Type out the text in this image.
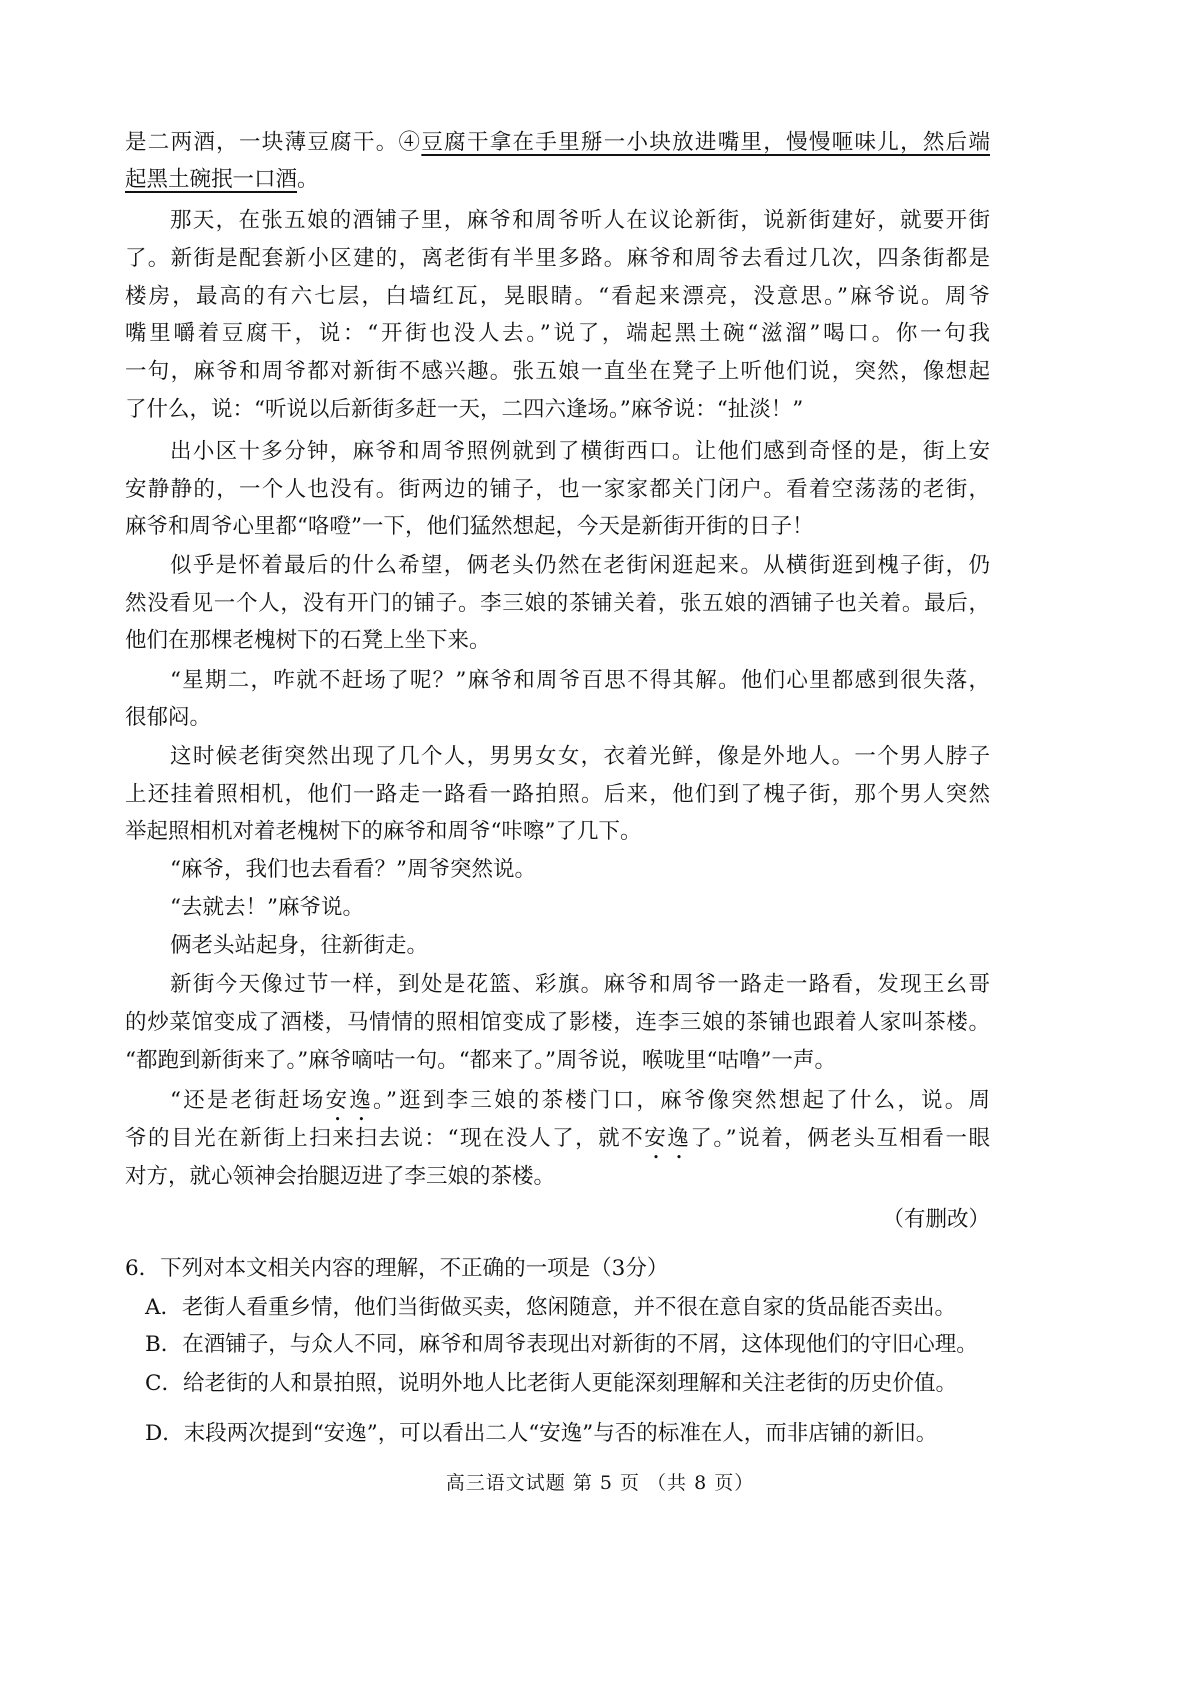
是二两酒，一块薄豆腐干。④豆腐干拿在手里掰一小块放进嘴里，慢慢咂味儿，然后端
起黑土碗抿一口酒。
那天，在张五娘的酒铺子里，麻爷和周爷听人在议论新街，说新街建好，就要开街
了。新街是配套新小区建的，离老街有半里多路。麻爷和周爷去看过几次，四条街都是
楼房，最高的有六七层，白墙红瓦，晃眼睛。“看起来漂亮，没意思。”麻爷说。周爷
嘴里嚼着豆腐干，说：“开街也没人去。”说了，端起黑土碗“滋溜”喝口。你一句我
一句，麻爷和周爷都对新街不感兴趣。张五娘一直坐在凳子上听他们说，突然，像想起
了什么，说：“听说以后新街多赶一天，二四六逢场。”麻爷说：“扯淡！”
出小区十多分钟，麻爷和周爷照例就到了横街西口。让他们感到奇怪的是，街上安
安静静的，一个人也没有。街两边的铺子，也一家家都关门闭户。看着空荡荡的老街，
麻爷和周爷心里都“咯噔”一下，他们猛然想起，今天是新街开街的日子！
似乎是怀着最后的什么希望，俩老头仍然在老街闲逛起来。从横街逛到槐子街，仍
然没看见一个人，没有开门的铺子。李三娘的茶铺关着，张五娘的酒铺子也关着。最后，
他们在那棵老槐树下的石凳上坐下来。
“星期二，咋就不赶场了呢？”麻爷和周爷百思不得其解。他们心里都感到很失落，
很郁闷。
这时候老街突然出现了几个人，男男女女，衣着光鲜，像是外地人。一个男人脖子
上还挂着照相机，他们一路走一路看一路拍照。后来，他们到了槐子街，那个男人突然
举起照相机对着老槐树下的麻爷和周爷“咔嚓”了几下。
“麻爷，我们也去看看？”周爷突然说。
“去就去！”麻爷说。
俩老头站起身，往新街走。
新街今天像过节一样，到处是花篮、彩旗。麻爷和周爷一路走一路看，发现王幺哥
的炒菜馆变成了酒楼，马情情的照相馆变成了影楼，连李三娘的茶铺也跟着人家叫茶楼。
“都跑到新街来了。”麻爷嘀咕一句。“都来了。”周爷说，喉咙里“咕噜”一声。
“还是老街赶场安逸。”逛到李三娘的茶楼门口，麻爷像突然想起了什么，说。周
爷的目光在新街上扫来扫去说：“现在没人了，就不安逸了。”说着，俩老头互相看一眼
对方，就心领神会抬腿迈进了李三娘的茶楼。
（有删改）
6．下列对本文相关内容的理解，不正确的一项是（3分）
A．老街人看重乡情，他们当街做买卖，悠闲随意，并不很在意自家的货品能否卖出。
B．在酒铺子，与众人不同，麻爷和周爷表现出对新街的不屑，这体现他们的守旧心理。
C．给老街的人和景拍照，说明外地人比老街人更能深刻理解和关注老街的历史价值。
D．末段两次提到“安逸”，可以看出二人“安逸”与否的标准在人，而非店铺的新旧。
高三语文试题 第 5 页 （共 8 页）
